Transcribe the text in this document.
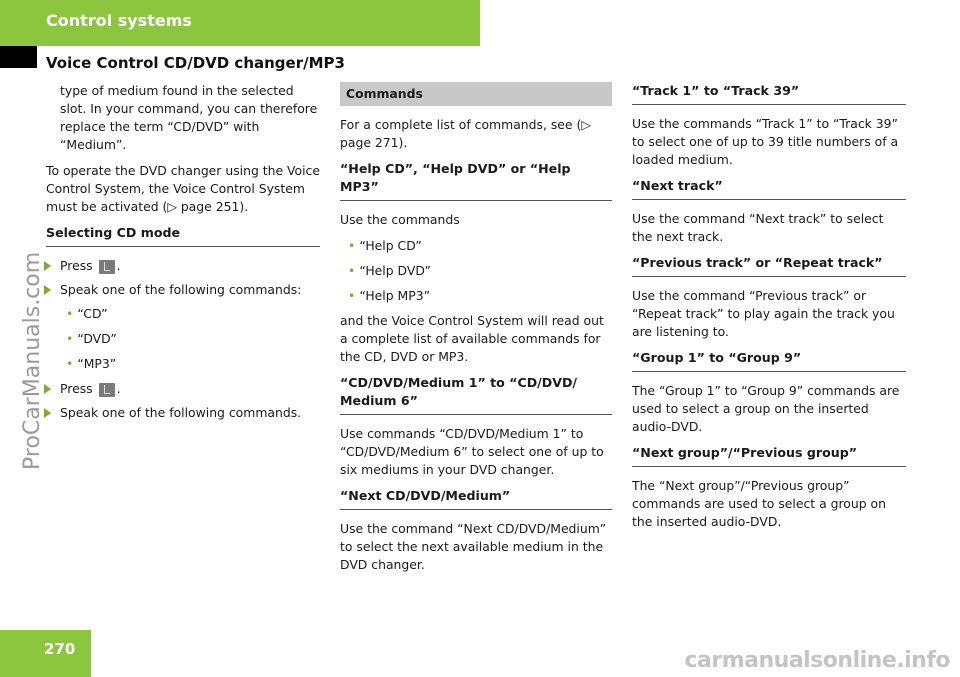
Control systems
Voice Control CD/DVD changer/MP3
ProCarManuals.com

type of medium found in the selected slot. In your command, you can therefore replace the term “CD/DVD” with “Medium”.

To operate the DVD changer using the Voice Control System, the Voice Control System must be activated (▷ page 251).

Selecting CD mode
Press .
Speak one of the following commands:
• “CD”
• “DVD”
• “MP3”
Press .
Speak one of the following commands.
Commands

For a complete list of commands, see (▷ page 271).

“Help CD”, “Help DVD” or “Help MP3”

Use the commands

• “Help CD”
• “Help DVD”
• “Help MP3”

and the Voice Control System will read out a complete list of available commands for the CD, DVD or MP3.

“CD/DVD/Medium 1” to “CD/DVD/ Medium 6”

Use commands “CD/DVD/Medium 1” to “CD/DVD/Medium 6” to select one of up to six mediums in your DVD changer.

“Next CD/DVD/Medium”

Use the command “Next CD/DVD/Medium” to select the next available medium in the DVD changer.

“Track 1” to “Track 39”

Use the commands “Track 1” to “Track 39” to select one of up to 39 title numbers of a loaded medium.

“Next track”

Use the command “Next track” to select the next track.

“Previous track” or “Repeat track”

Use the command “Previous track” or “Repeat track” to play again the track you are listening to.

“Group 1” to “Group 9”

The “Group 1” to “Group 9” commands are used to select a group on the inserted audio-DVD.

“Next group”/“Previous group”

The “Next group”/“Previous group” commands are used to select a group on the inserted audio-DVD.

270	carmanualsonline.info
